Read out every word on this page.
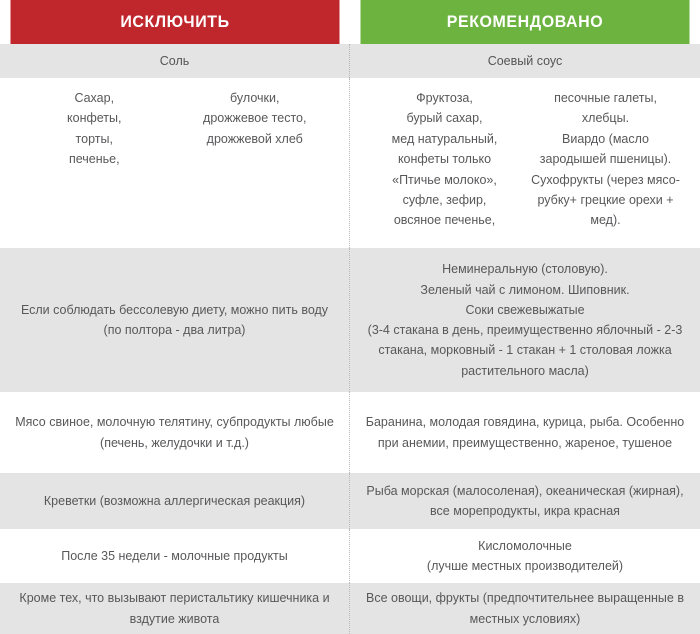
ИСКЛЮЧИТЬ	РЕКОМЕНДОВАНО
Соль	Соевый соус
Сахар,
конфеты,
торты,
печенье,
булочки,
дрожжевое тесто,
дрожжевой хлеб
Фруктоза,
бурый сахар,
мед натуральный,
конфеты только
«Птичье молоко»,
суфле, зефир,
овсяное печенье,
песочные галеты,
хлебцы.
Виардо (масло зародышей пшеницы).
Сухофрукты (через мясо-рубку+ грецкие орехи + мед).
Если соблюдать бессолевую диету, можно пить воду (по полтора - два литра)
Неминеральную (столовую).
Зеленый чай с лимоном. Шиповник.
Соки свежевыжатые
(3-4 стакана в день, преимущественно яблочный - 2-3 стакана, морковный - 1 стакан + 1 столовая ложка растительного масла)
Мясо свиное, молочную телятину, субпродукты любые
(печень, желудочки и т.д.)
Баранина, молодая говядина, курица, рыба. Особенно при анемии, преимущественно, жареное, тушеное
Креветки (возможна аллергическая реакция)
Рыба морская (малосоленая), океаническая (жирная), все морепродукты, икра красная
После 35 недели - молочные продукты
Кисломолочные
(лучше местных производителей)
Кроме тех, что вызывают перистальтику кишечника и вздутие живота
Все овощи, фрукты (предпочтительнее выращенные в местных условиях)
